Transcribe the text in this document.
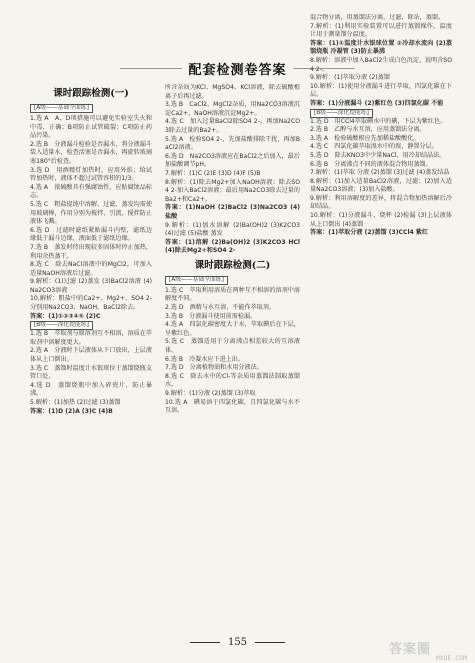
配套检测卷答案
课时跟踪检测(一)
[A级——基础全面练]

1.选 A　A、D项措施可以避免实验室失火和中毒，正确；B项防止试管破裂；C项防止药品污染。

2.选 B　分液漏斗检验是否漏水，将分液漏斗装入适量水，检查活塞是否漏水，再旋转玻璃塞180°后检查。

3.选 D　用酒精灯加热时，应用外焰；给试管加热时，液体不超过试管容积的1/3。

4.选 A　浓硫酸具有强腐蚀性，应贴腐蚀品标志。

5.选 C　粗盐提纯中溶解、过滤、蒸发均需使用玻璃棒，作用分别为搅拌、引流、搅拌防止液体飞溅。

6.选 D　过滤时滤纸紧贴漏斗内壁，滤纸边缘低于漏斗边缘，液面低于滤纸边缘。

7.选 B　蒸发时待出现较多固体时停止加热，利用余热蒸干。

8.选 C　除去NaCl溶液中的MgCl2，可加入适量NaOH溶液后过滤。

9.解析：(1)过滤 (2)蒸发 (3)BaCl2溶液 (4)Na2CO3溶液

10.解析：粗盐中的Ca2+、Mg2+、SO4 2-分别用Na2CO3、NaOH、BaCl2除去。

答案：(1)①②③④⑤ (2)C

[B级——深化提能练]

1.选 B　萃取剂与原溶剂互不相溶，溶质在萃取剂中溶解度更大。

2.选 A　分液时下层液体从下口放出，上层液体从上口倒出。

3.选 C　蒸馏时温度计水银球位于蒸馏烧瓶支管口处。

4.选 D　蒸馏烧瓶中加入碎瓷片，防止暴沸。

5.解析：(1)加热 (2)过滤 (3)蒸馏

答案：(1)D (2)A (3)C (4)B

所含杂质为KCl、MgSO4、KCl溶液，除去硫酸根离子后再过滤。

3.选 B　CaCl2、MgCl2杂质，用Na2CO3溶液沉淀Ca2+，NaOH溶液沉淀Mg2+。

4.选 C　加入过量BaCl2除SO4 2-，再加Na2CO3除去过量的Ba2+。

5.选 A　检验SO4 2-，先加盐酸排除干扰，再加BaCl2溶液。

6.选 D　Na2CO3溶液应在BaCl2之后加入，最后加盐酸调节pH。

7.解析：(1)C (2)E (3)D (4)F (5)B

8.解析：(1)除去Mg2+加入NaOH溶液；除去SO4 2-加入BaCl2溶液；最后用Na2CO3除去过量的Ba2+和Ca2+。

答案：(1)NaOH (2)BaCl2 (3)Na2CO3 (4)盐酸

9.解析：(1)加水溶解 (2)Ba(OH)2 (3)K2CO3 (4)过滤 (5)盐酸 蒸发

答案：(1)溶解 (2)Ba(OH)2 (3)K2CO3 HCl (4)除去Mg2+和SO4 2-

课时跟踪检测(二)
[A级——基础全面练]

1.选 C　萃取利用溶质在两种互不相溶的溶剂中溶解度不同。

2.选 D　酒精与水互溶，不能作萃取剂。

3.选 B　分液漏斗使用前需检漏。

4.选 A　四氯化碳密度大于水，萃取碘后在下层，呈紫红色。

5.选 C　蒸馏适用于分离沸点相差较大的互溶液体。

6.选 B　冷凝水应下进上出。

7.选 D　分离植物油和水用分液法。

8.选 C　除去水中的Cl-等杂质用蒸馏法制取蒸馏水。

9.解析：(1)分液 (2)蒸馏 (3)萃取

10.选 A　碘易溶于四氯化碳，且四氯化碳与水不互溶。

混合物分离，用蒸馏法分离，过滤，除杂，蒸馏。

7.解析：(1)利用实验装置可以进行蒸馏操作，温度计用于测量馏分温度。

答案：(1)①温度计水银球位置 ②冷却水流向 (2)蒸馏烧瓶 冷凝管 (3)防止暴沸

8.解析：溶液中加入BaCl2生成白色沉淀，说明含SO4 2-。

9.解析：(1)萃取分液 (2)蒸馏

10.解析：(1)使用分液漏斗进行萃取，四氯化碳在下层。

答案：(1)分液漏斗 (2)紫红色 (3)四氯化碳 不能

[B级——深化提能练]

1.选 D　用CCl4萃取碘水中的碘，下层为紫红色。

2.选 B　乙醇与水互溶，应用蒸馏法分离。

3.选 A　检验硫酸根应先加稀盐酸酸化。

4.选 C　四氯化碳萃取溴水中的溴，静置分层。

5.选 D　除去KNO3中少量NaCl，用冷却结晶法。

6.选 B　分离沸点不同的液体混合物用蒸馏。

7.解析：(1)萃取 分液 (2)蒸馏 (3)过滤 (4)蒸发结晶

8.解析：(1)加入适量BaCl2溶液，过滤；(2)加入适量Na2CO3溶液；(3)加入盐酸。

9.解析：利用溶解度的差异，将混合物加热溶解后冷却结晶。

10.解析：(1)分液漏斗、烧杯 (2)检漏 (3)上层液体从上口倒出 (4)蒸馏

答案：(1)萃取分液 (2)蒸馏 (3)CCl4 紫红

155	答案圈
MXQE.COM
